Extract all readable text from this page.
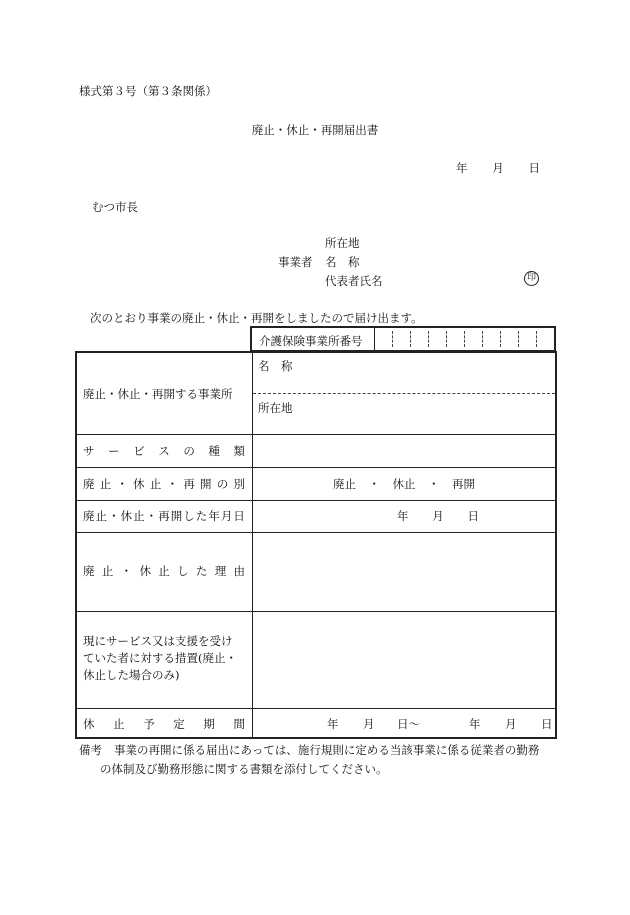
様式第３号（第３条関係）
廃止・休止・再開届出書
年 月 日
むつ市長
所在地
事業者 名　称
代表者氏名	印
次のとおり事業の廃止・休止・再開をしましたので届け出ます。
介護保険事業所番号
廃止・休止・再開する事業所
名　称
所在地
サ ー ビ ス の 種 類
廃 止 ・ 休 止 ・ 再 開 の 別	廃止 ・ 休止 ・ 再開
廃 止 ・ 休 止 ・ 再 開 し た 年 月 日	年 月 日
廃 止 ・ 休 止 し た 理 由
現にサービス又は支援を受け
ていた者に対する措置(廃止・
休止した場合のみ)
休 止 予 定 期 間	年 月 日〜	年 月 日
備考 事業の再開に係る届出にあっては、施行規則に定める当該事業に係る従業者の勤務
の体制及び勤務形態に関する書類を添付してください。
